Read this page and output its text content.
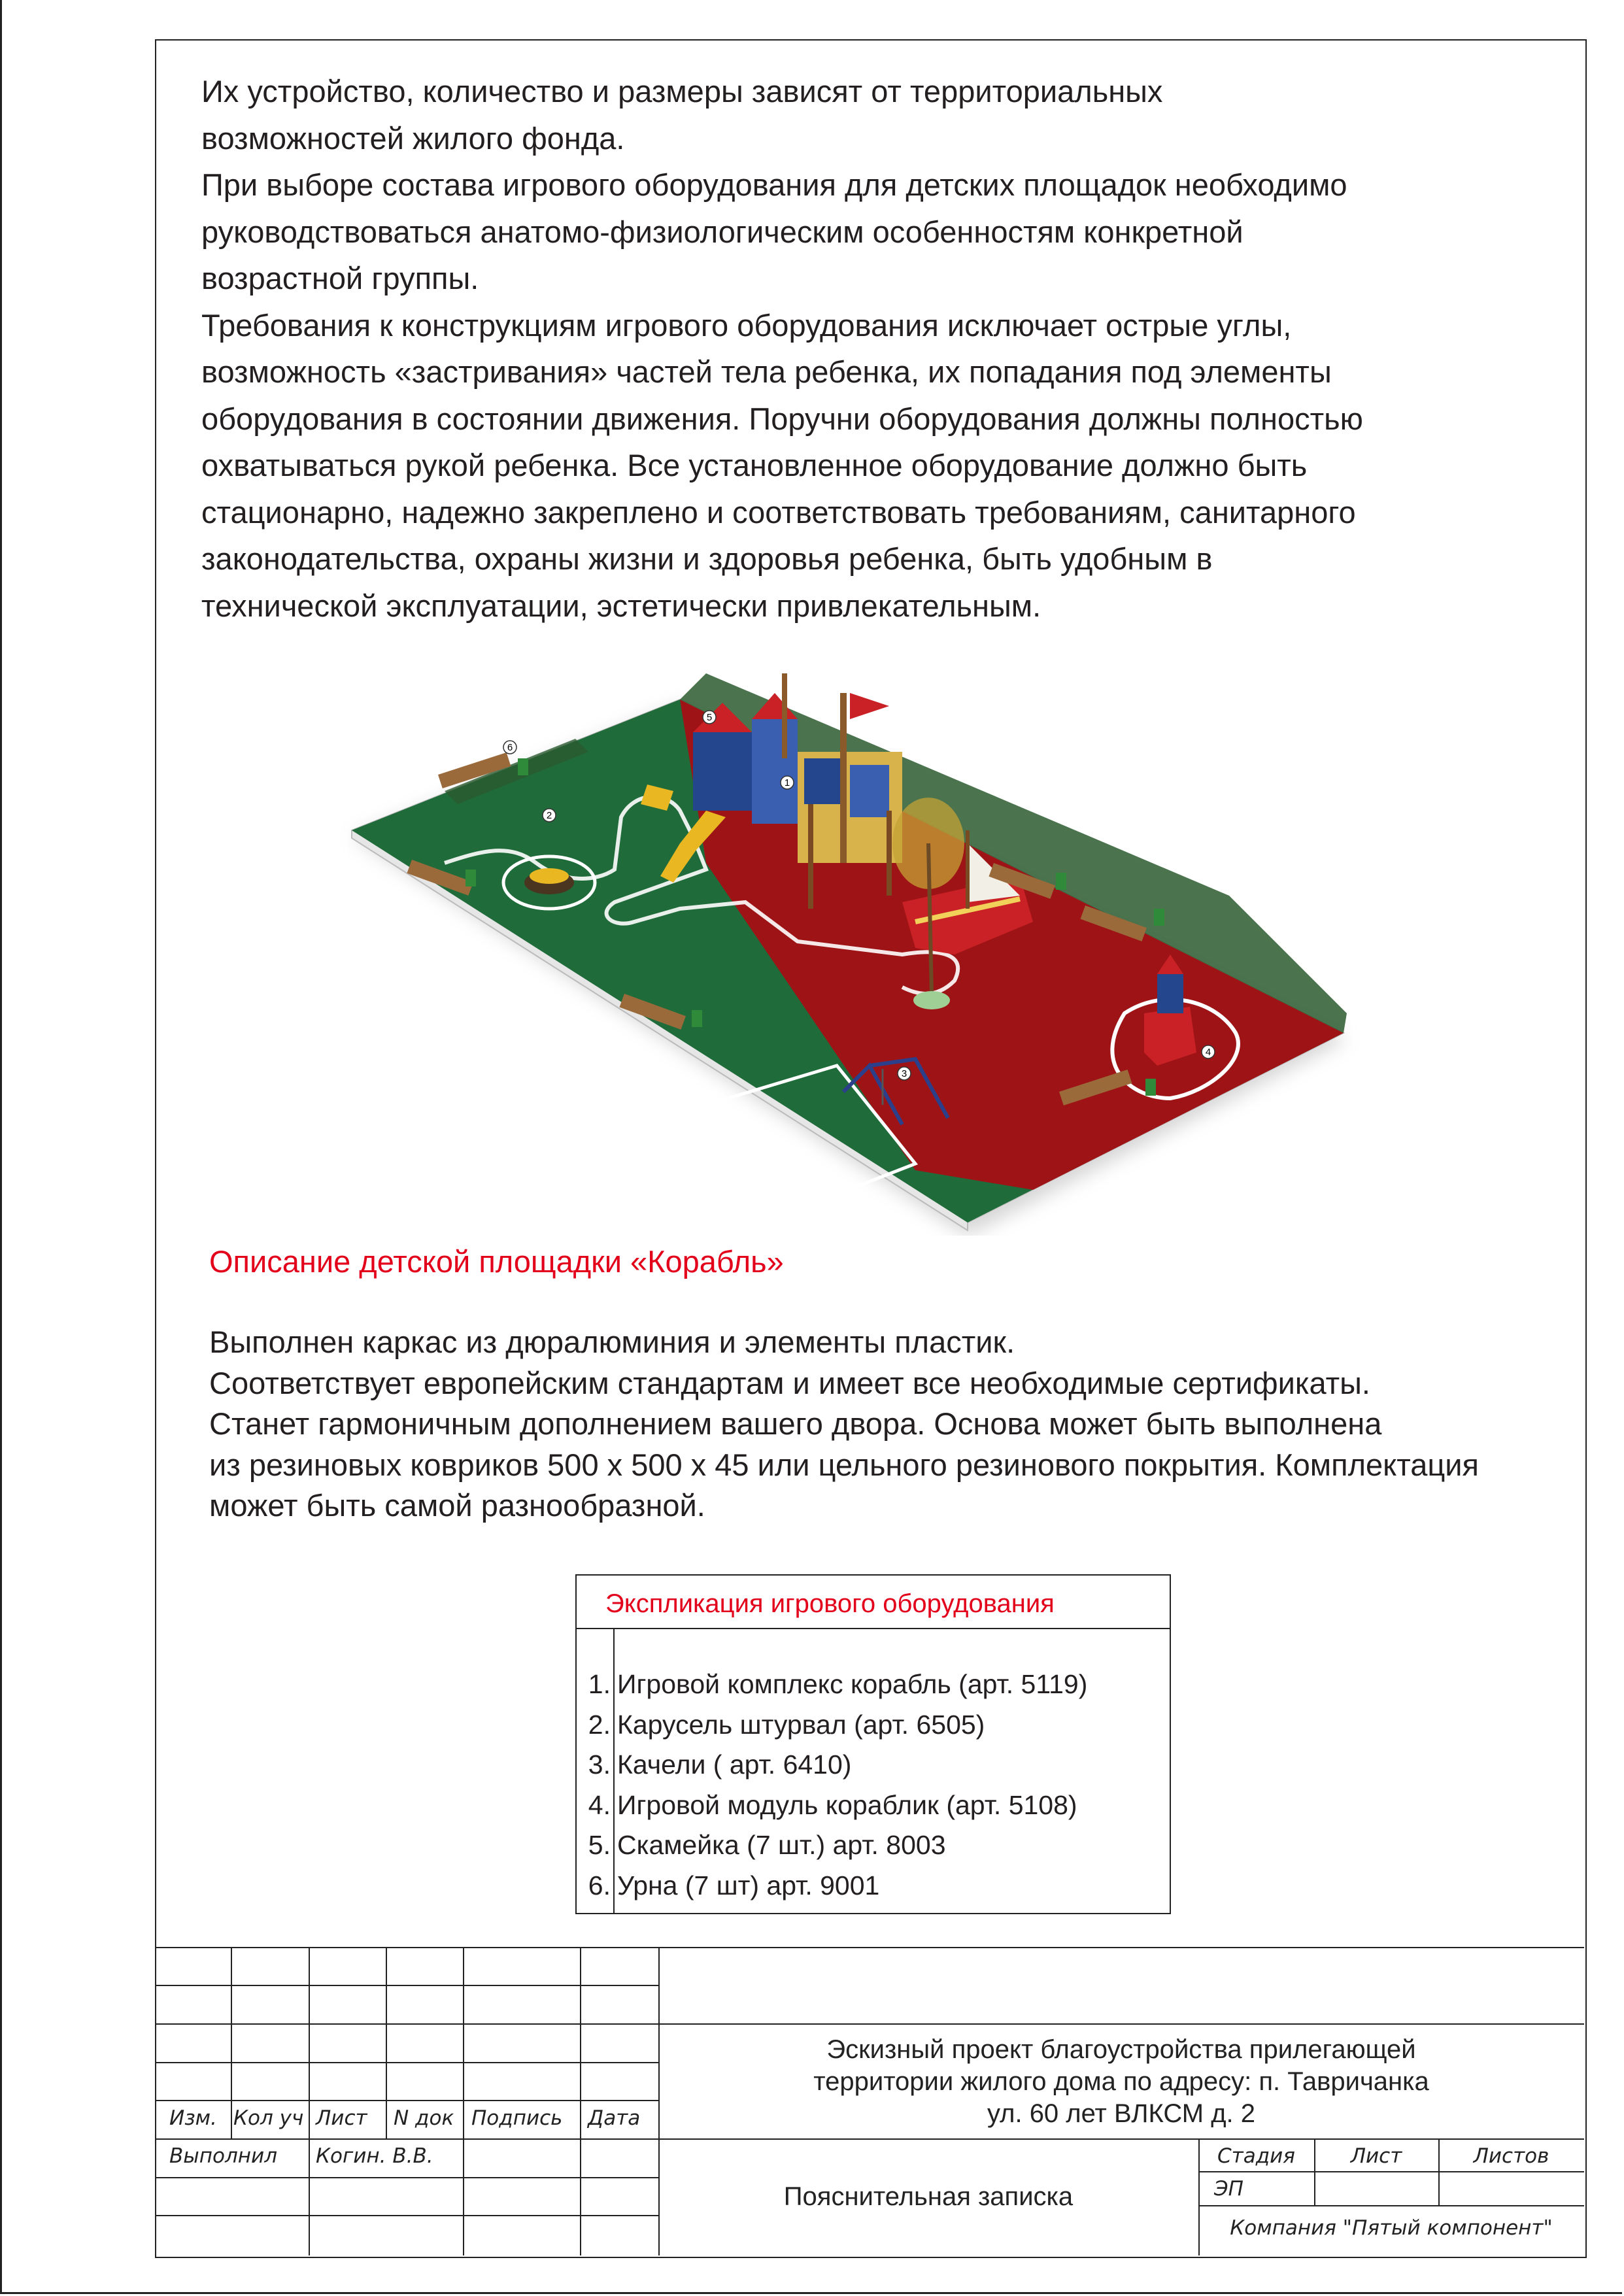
Их устройство, количество и размеры зависят от территориальных

возможностей жилого фонда.

При выборе состава игрового оборудования для детских площадок необходимо

руководствоваться анатомо-физиологическим особенностям конкретной

возрастной группы.

Требования к конструкциям игрового оборудования исключает острые углы,

возможность «застривания» частей тела ребенка, их попадания под элементы

оборудования в состоянии движения. Поручни оборудования должны полностью

охватываться рукой ребенка. Все установленное оборудование должно быть

стационарно, надежно закреплено и соответствовать требованиям, санитарного

законодательства, охраны жизни и здоровья ребенка, быть удобным в

технической эксплуатации, эстетически привлекательным.

1
2
3
4
5
6
Описание детской площадки «Корабль»

Выполнен каркас из дюралюминия и элементы пластик.

Соответствует европейским стандартам и имеет все необходимые сертификаты.

Станет гармоничным дополнением вашего двора. Основа может быть выполнена

из резиновых ковриков 500 х 500 х 45 или цельного резинового покрытия. Комплектация

может быть самой разнообразной.

Экспликация игрового оборудования
1. Игровой комплекс корабль (арт. 5119)
2. Карусель штурвал (арт. 6505)
3. Качели ( арт. 6410)
4. Игровой модуль кораблик (арт. 5108)
5. Скамейка (7 шт.) арт. 8003
6. Урна (7 шт) арт. 9001
Изм. Кол уч Лист N док Подпись Дата
Выполнил Когин. В.В.
Эскизный проект благоустройства прилегающей
территории жилого дома по адресу: п. Тавричанка
ул. 60 лет ВЛКСМ д. 2
Пояснительная записка
Стадия	Лист	Листов
ЭП
Компания "Пятый компонент"
